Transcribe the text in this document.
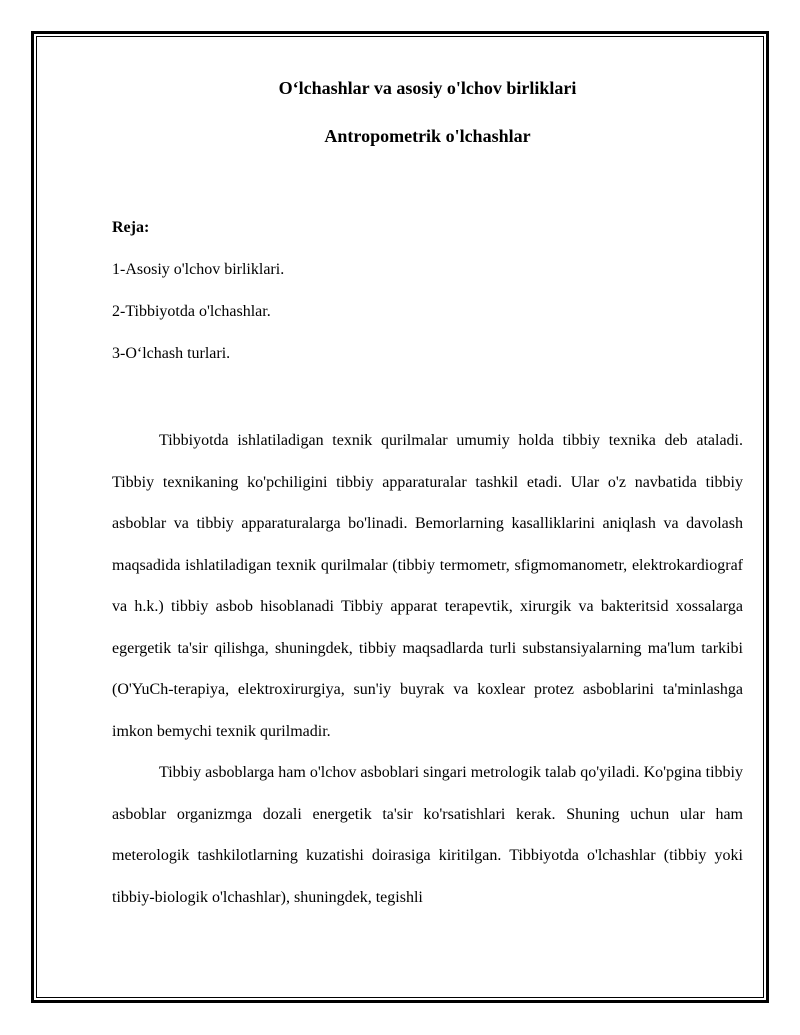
O‘lchashlar va asosiy o'lchov birliklari
Antropometrik o'lchashlar

Reja:

1-Asosiy o'lchov birliklari.

2-Tibbiyotda o'lchashlar.

3-O‘lchash turlari.

Tibbiyotda ishlatiladigan texnik qurilmalar umumiy holda tibbiy texnika deb ataladi. Tibbiy texnikaning ko'pchiligini tibbiy apparaturalar tashkil etadi. Ular o'z navbatida tibbiy asboblar va tibbiy apparaturalarga bo'linadi. Bemorlarning kasalliklarini aniqlash va davolash maqsadida ishlatiladigan texnik qurilmalar (tibbiy termometr, sfigmomanometr, elektrokardiograf va h.k.) tibbiy asbob hisoblanadi Tibbiy apparat terapevtik, xirurgik va bakteritsid xossalarga egergetik ta'sir qilishga, shuningdek, tibbiy maqsadlarda turli substansiyalarning ma'lum tarkibi (O'YuCh-terapiya, elektroxirurgiya, sun'iy buyrak va koxlear protez asboblarini ta'minlashga imkon bemychi texnik qurilmadir.

Tibbiy asboblarga ham o'lchov asboblari singari metrologik talab qo'yiladi. Ko'pgina tibbiy asboblar organizmga dozali energetik ta'sir ko'rsatishlari kerak. Shuning uchun ular ham meterologik tashkilotlarning kuzatishi doirasiga kiritilgan. Tibbiyotda o'lchashlar (tibbiy yoki tibbiy-biologik o'lchashlar), shuningdek, tegishli
